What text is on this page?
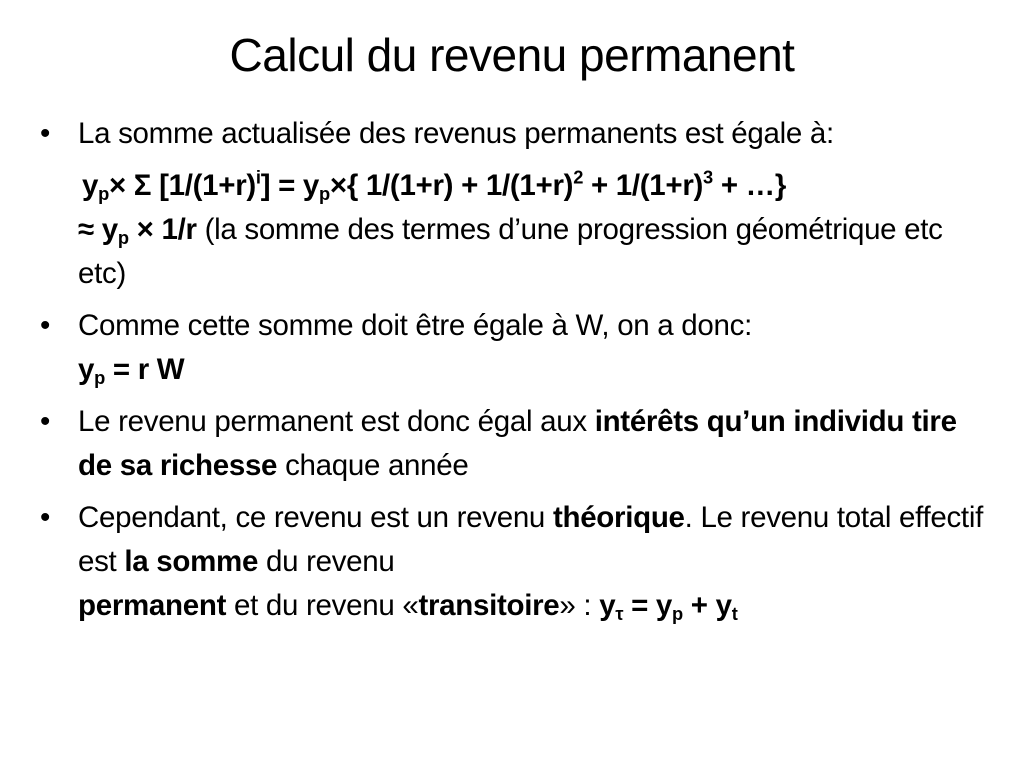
Calcul du revenu permanent
• La somme actualisée des revenus permanents est égale à:
$y_p\times \Sigma$ $[1/(1+r)^i] = y_p\times${ $1/(1+r) + 1/(1+r)^2 + 1/(1+r)^3$ + …}
≈ $y_p \times 1/r$ (la somme des termes d’une progression géométrique etc etc)
• Comme cette somme doit être égale à W, on a donc:
$y_p = r$ W
• Le revenu permanent est donc égal aux intérêts qu’un individu tire de sa richesse chaque année
• Cependant, ce revenu est un revenu théorique. Le revenu total effectif est la somme du revenu
permanent et du revenu «transitoire» : $y_\tau = y_p + y_t$
